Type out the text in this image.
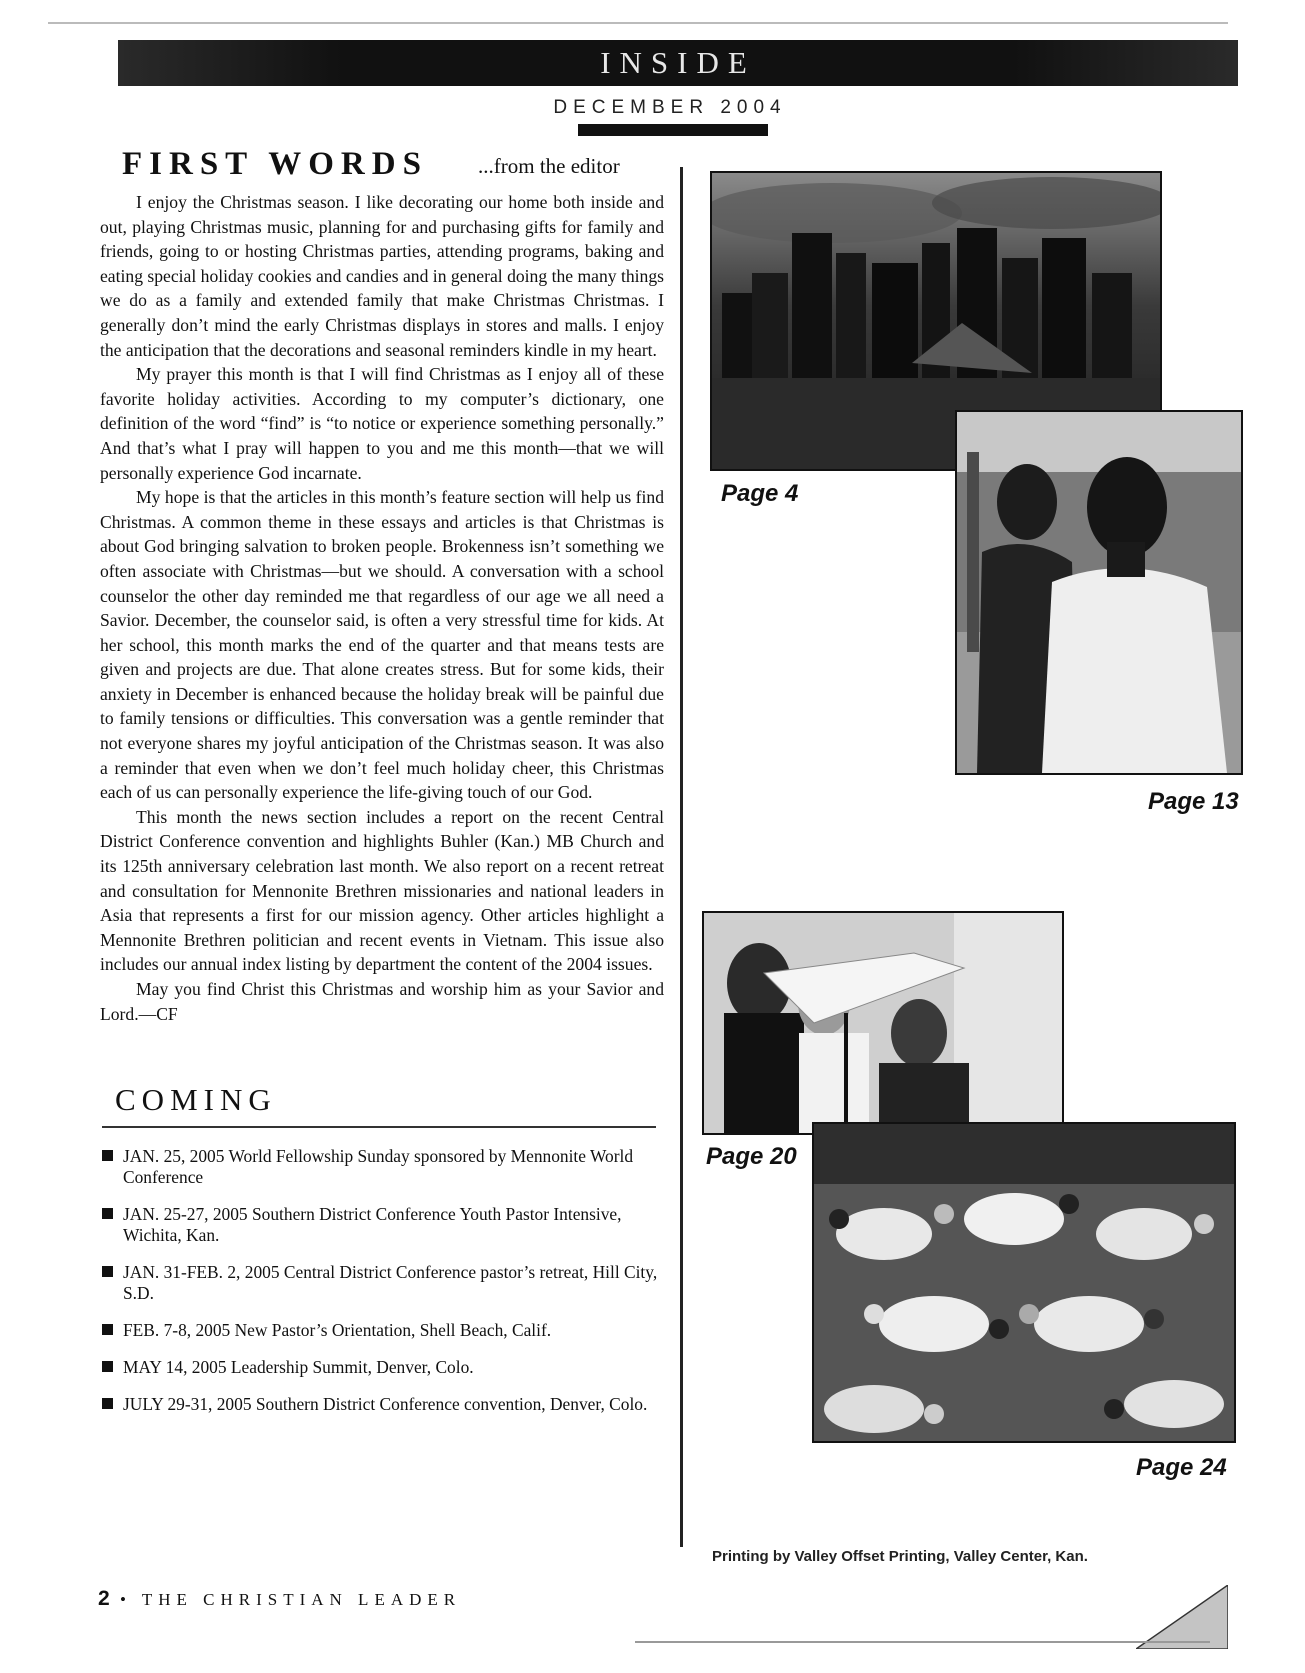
INSIDE
DECEMBER 2004
FIRST WORDS ...from the editor

I enjoy the Christmas season. I like decorating our home both inside and out, playing Christmas music, planning for and purchasing gifts for family and friends, going to or hosting Christmas parties, attending programs, baking and eating special holiday cookies and candies and in general doing the many things we do as a family and extended family that make Christmas Christmas. I generally don’t mind the early Christmas displays in stores and malls. I enjoy the anticipation that the decorations and seasonal reminders kindle in my heart.

My prayer this month is that I will find Christmas as I enjoy all of these favorite holiday activities. According to my computer’s dictionary, one definition of the word “find” is “to notice or experience something personally.” And that’s what I pray will happen to you and me this month—that we will personally experience God incarnate.

My hope is that the articles in this month’s feature section will help us find Christmas. A common theme in these essays and articles is that Christmas is about God bringing salvation to broken people. Brokenness isn’t something we often associate with Christmas—but we should. A conversation with a school counselor the other day reminded me that regardless of our age we all need a Savior. December, the counselor said, is often a very stressful time for kids. At her school, this month marks the end of the quarter and that means tests are given and projects are due. That alone creates stress. But for some kids, their anxiety in December is enhanced because the holiday break will be painful due to family tensions or difficulties. This conversation was a gentle reminder that not everyone shares my joyful anticipation of the Christmas season. It was also a reminder that even when we don’t feel much holiday cheer, this Christmas each of us can personally experience the life-giving touch of our God.

This month the news section includes a report on the recent Central District Conference convention and highlights Buhler (Kan.) MB Church and its 125th anniversary celebration last month. We also report on a recent retreat and consultation for Mennonite Brethren missionaries and national leaders in Asia that represents a first for our mission agency. Other articles highlight a Mennonite Brethren politician and recent events in Vietnam. This issue also includes our annual index listing by department the content of the 2004 issues.

May you find Christ this Christmas and worship him as your Savior and Lord.—CF

COMING
JAN. 25, 2005 World Fellowship Sunday sponsored by Mennonite World Conference
JAN. 25-27, 2005 Southern District Conference Youth Pastor Intensive, Wichita, Kan.
JAN. 31-FEB. 2, 2005 Central District Conference pastor’s retreat, Hill City, S.D.
FEB. 7-8, 2005 New Pastor’s Orientation, Shell Beach, Calif.
MAY 14, 2005 Leadership Summit, Denver, Colo.
JULY 29-31, 2005 Southern District Conference convention, Denver, Colo.
Page 4
Page 13
Page 20
Page 24
Printing by Valley Offset Printing, Valley Center, Kan.
2 • THE CHRISTIAN LEADER
